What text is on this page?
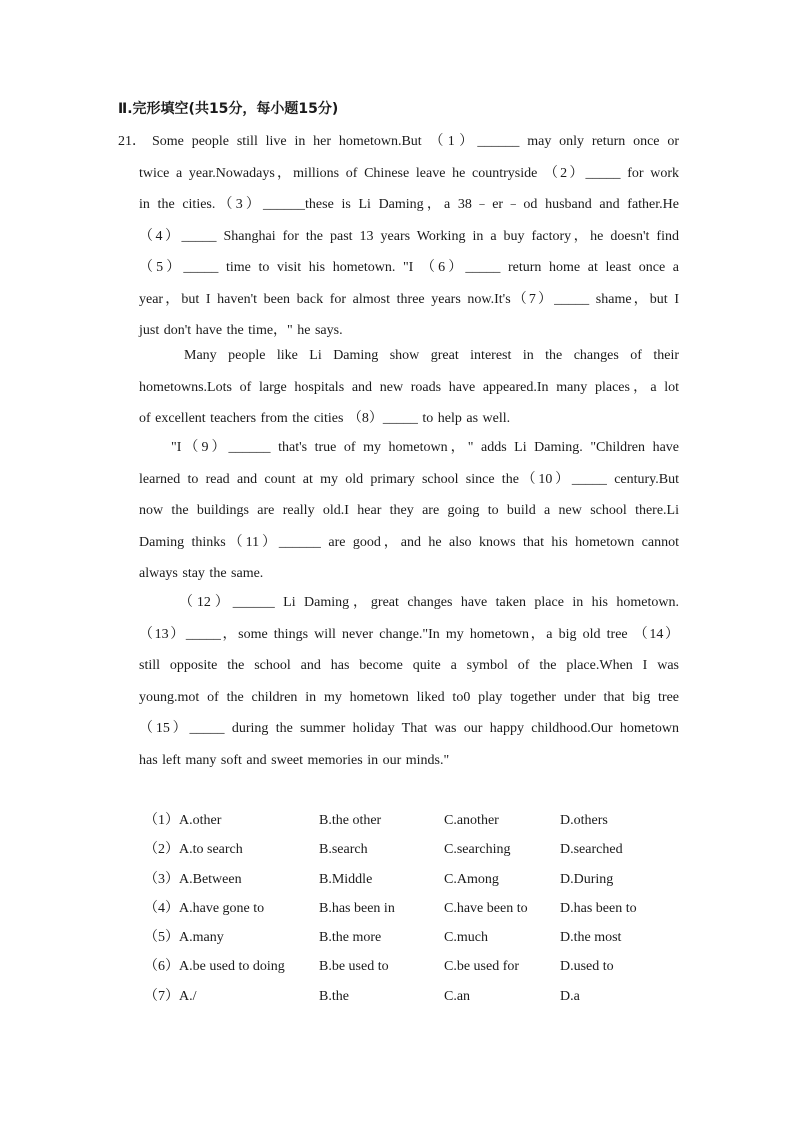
Ⅱ.完形填空(共15分，每小题15分)
21． Some people still live in her hometown.But （1）______ may only return once or
twice a year.Nowadays，millions of Chinese leave he countryside （2）_____ for work
in the cities.（3）______these is Li Daming，a 38﹣er﹣od husband and father.He
（4）_____ Shanghai for the past 13 years Working in a buy factory，he doesn't find
（5）_____ time to visit his hometown. "I （6）_____ return home at least once a
year，but I haven't been back for almost three years now.It's（7）_____ shame，but I
just don't have the time，" he says.
Many people like Li Daming show great interest in the changes of their
hometowns.Lots of large hospitals and new roads have appeared.In many places，a lot
of excellent teachers from the cities （8）_____ to help as well.
"I（9）______ that's true of my hometown，" adds Li Daming. "Children have
learned to read and count at my old primary school since the（10）_____ century.But
now the buildings are really old.I hear they are going to build a new school there.Li
Daming thinks（11）______ are good，and he also knows that his hometown cannot
always stay the same.
（12）______ Li Daming，great changes have taken place in his hometown.
（13）_____，some things will never change."In my hometown，a big old tree （14）
still opposite the school and has become quite a symbol of the place.When I was
young.mot of the children in my hometown liked to0 play together under that big tree
（15）_____ during the summer holiday That was our happy childhood.Our hometown
has left many soft and sweet memories in our minds."
（1）A.other	B.the other	C.another	D.others
（2）A.to search	B.search	C.searching	D.searched
（3）A.Between	B.Middle	C.Among	D.During
（4）A.have gone to	B.has been in	C.have been to D.has been to
（5）A.many	B.the more	C.much	D.the most
（6）A.be used to doing B.be used to	C.be used for	D.used to
（7）A./	B.the	C.an	D.a
